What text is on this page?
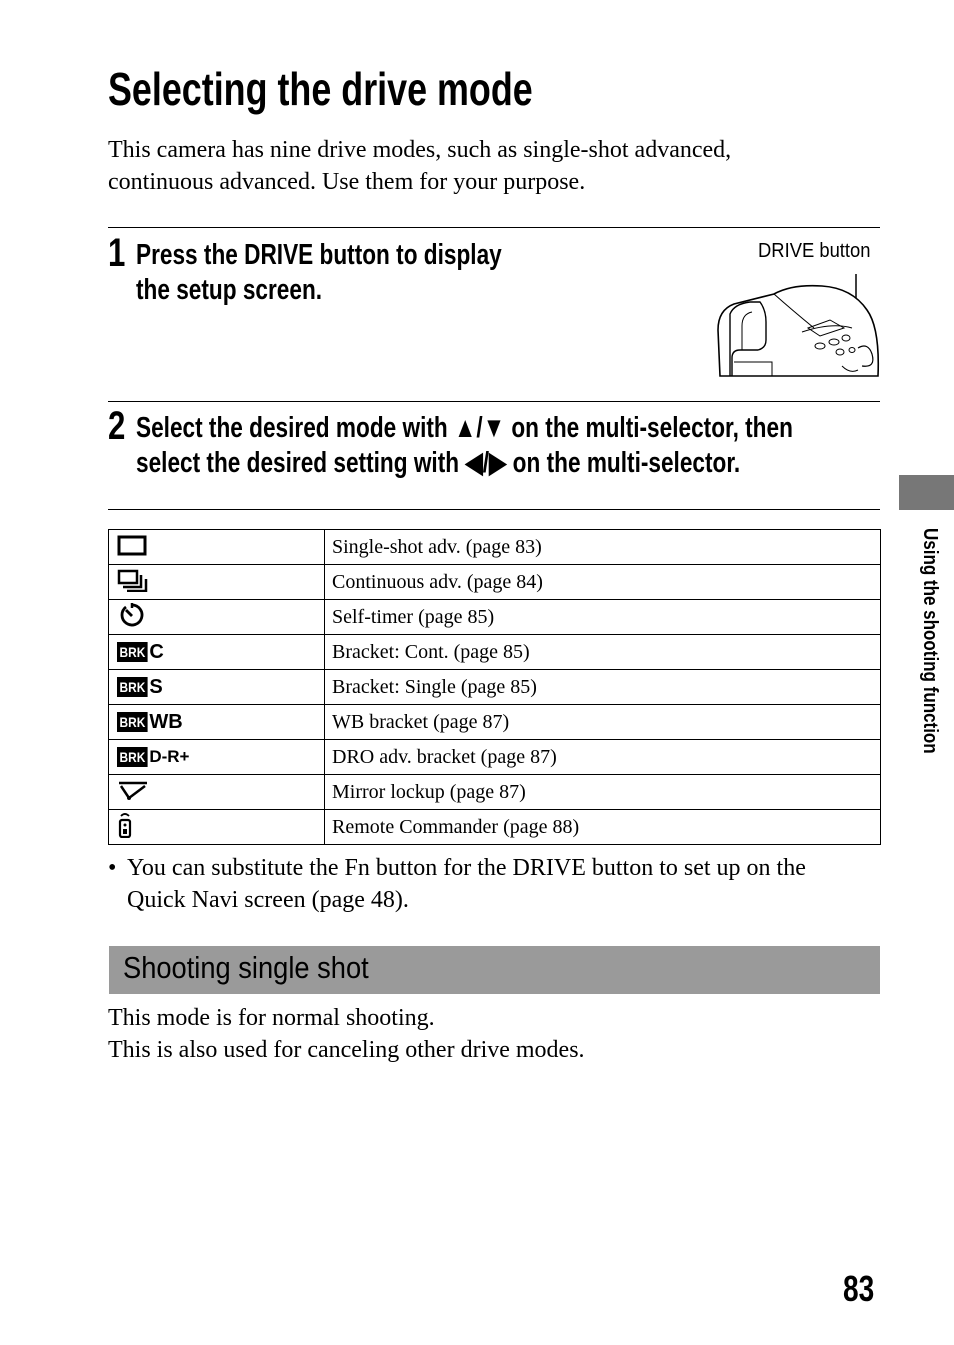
Selecting the drive mode
This camera has nine drive modes, such as single-shot advanced, continuous advanced. Use them for your purpose.
1 Press the DRIVE button to display
the setup screen.
DRIVE button
2 Select the desired mode with ▲/▼ on the multi-selector, then
select the desired setting with ◀/▶ on the multi-selector.
	Single-shot adv. (page 83)
	Continuous adv. (page 84)
	Self-timer (page 85)
BRK C	Bracket: Cont. (page 85)
BRK S	Bracket: Single (page 85)
BRK WB	WB bracket (page 87)
BRK D-R+	DRO adv. bracket (page 87)
	Mirror lockup (page 87)
	Remote Commander (page 88)
• You can substitute the Fn button for the DRIVE button to set up on the Quick Navi screen (page 48).
Shooting single shot
This mode is for normal shooting.
This is also used for canceling other drive modes.
Using the shooting function
83
